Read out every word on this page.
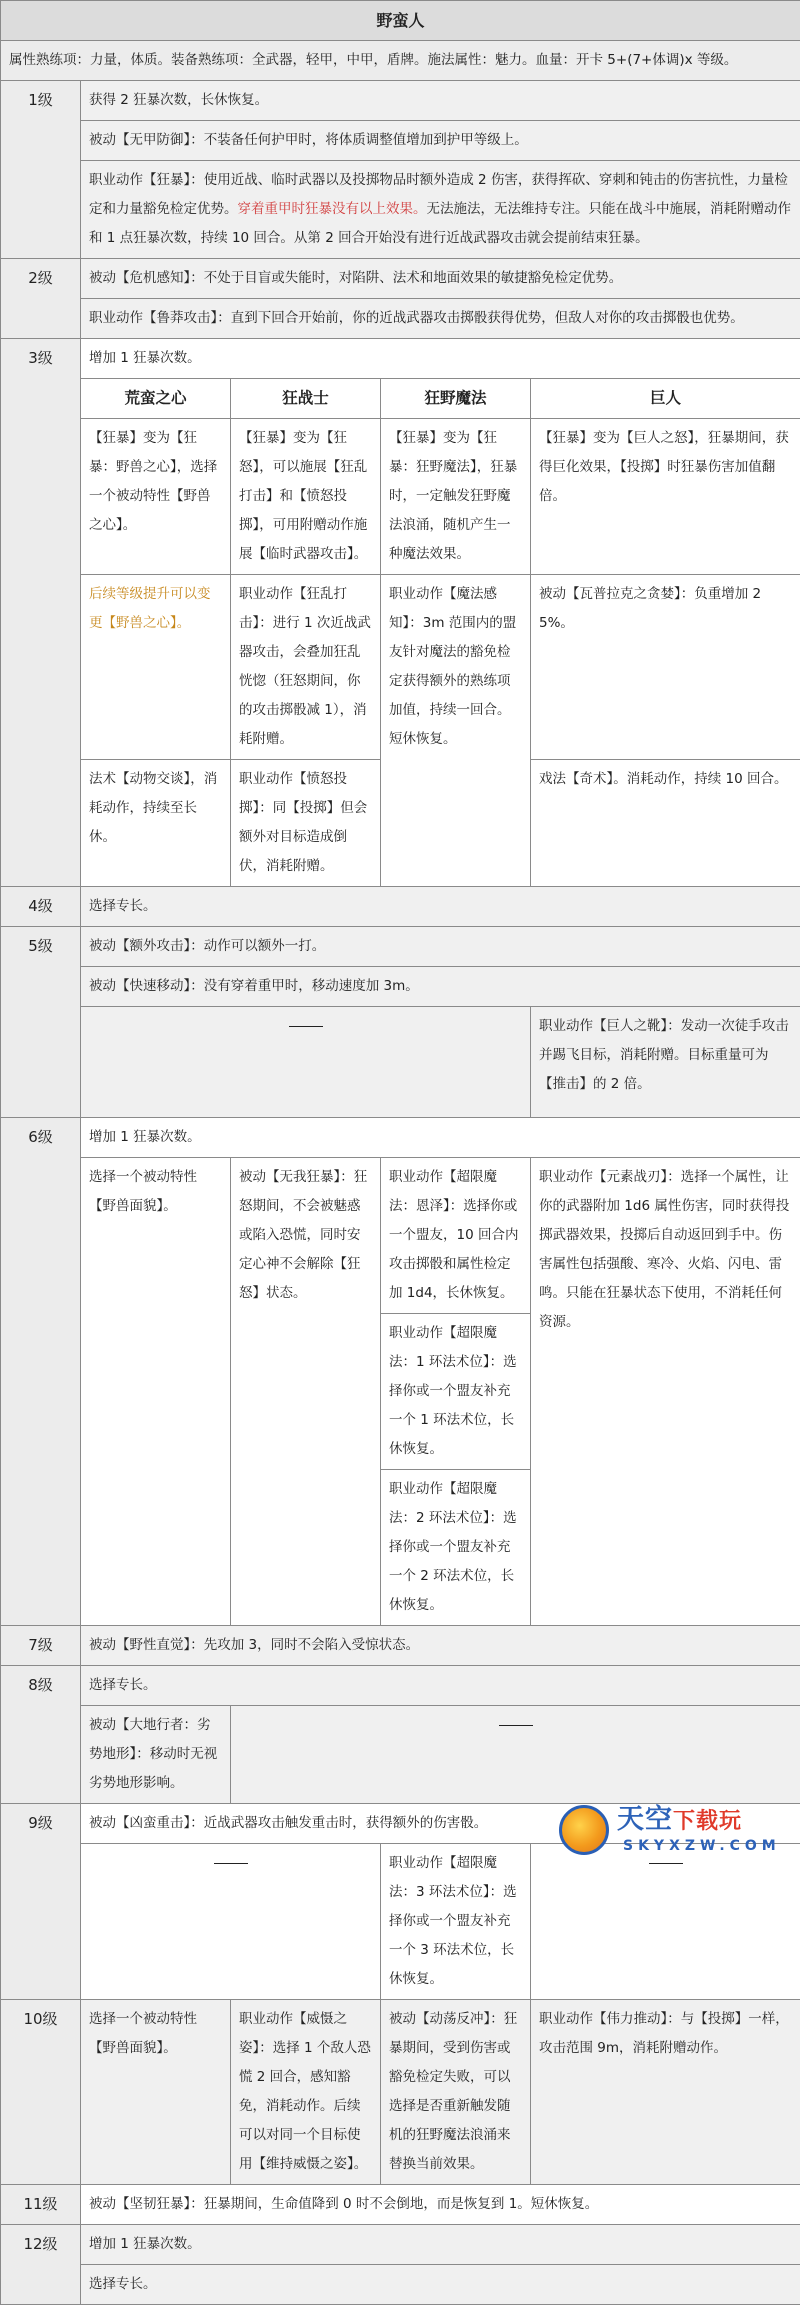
野蛮人				
属性熟练项：力量，体质。装备熟练项：全武器，轻甲，中甲，盾牌。施法属性：魅力。血量：开卡 5+(7+体调)x 等级。				
1级	获得 2 狂暴次数，长休恢复。			
	被动【无甲防御】：不装备任何护甲时，将体质调整值增加到护甲等级上。			
	职业动作【狂暴】：使用近战、临时武器以及投掷物品时额外造成 2 伤害，获得挥砍、穿刺和钝击的伤害抗性，力量检定和力量豁免检定优势。穿着重甲时狂暴没有以上效果。无法施法，无法维持专注。只能在战斗中施展，消耗附赠动作和 1 点狂暴次数，持续 10 回合。从第 2 回合开始没有进行近战武器攻击就会提前结束狂暴。			
2级	被动【危机感知】：不处于目盲或失能时，对陷阱、法术和地面效果的敏捷豁免检定优势。			
	职业动作【鲁莽攻击】：直到下回合开始前，你的近战武器攻击掷骰获得优势，但敌人对你的攻击掷骰也优势。			
3级	增加 1 狂暴次数。			
	荒蛮之心	狂战士	狂野魔法	巨人
	【狂暴】变为【狂暴：野兽之心】，选择一个被动特性【野兽之心】。	【狂暴】变为【狂怒】，可以施展【狂乱打击】和【愤怒投掷】，可用附赠动作施展【临时武器攻击】。	【狂暴】变为【狂暴：狂野魔法】，狂暴时，一定触发狂野魔法浪涌，随机产生一种魔法效果。	【狂暴】变为【巨人之怒】，狂暴期间，获得巨化效果，【投掷】时狂暴伤害加值翻倍。
	后续等级提升可以变更【野兽之心】。	职业动作【狂乱打击】：进行 1 次近战武器攻击，会叠加狂乱恍惚（狂怒期间，你的攻击掷骰减 1），消耗附赠。	职业动作【魔法感知】：3m 范围内的盟友针对魔法的豁免检定获得额外的熟练项加值，持续一回合。短休恢复。	被动【瓦普拉克之贪婪】：负重增加 25%。
	法术【动物交谈】，消耗动作，持续至长休。	职业动作【愤怒投掷】：同【投掷】但会额外对目标造成倒伏，消耗附赠。		戏法【奇术】。消耗动作，持续 10 回合。
4级	选择专长。			
5级	被动【额外攻击】：动作可以额外一打。			
	被动【快速移动】：没有穿着重甲时，移动速度加 3m。			
				职业动作【巨人之靴】：发动一次徒手攻击并踢飞目标，消耗附赠。目标重量可为【推击】的 2 倍。
6级	增加 1 狂暴次数。			
	选择一个被动特性【野兽面貌】。	被动【无我狂暴】：狂怒期间，不会被魅惑或陷入恐慌，同时安定心神不会解除【狂怒】状态。	职业动作【超限魔法：恩泽】：选择你或一个盟友，10 回合内攻击掷骰和属性检定加 1d4，长休恢复。	职业动作【元素战刃】：选择一个属性，让你的武器附加 1d6 属性伤害，同时获得投掷武器效果，投掷后自动返回到手中。伤害属性包括强酸、寒冷、火焰、闪电、雷鸣。只能在狂暴状态下使用，不消耗任何资源。
			职业动作【超限魔法：1 环法术位】：选择你或一个盟友补充一个 1 环法术位，长休恢复。	
			职业动作【超限魔法：2 环法术位】：选择你或一个盟友补充一个 2 环法术位，长休恢复。	
7级	被动【野性直觉】：先攻加 3，同时不会陷入受惊状态。			
8级	选择专长。			
	被动【大地行者：劣势地形】：移动时无视劣势地形影响。			
9级	被动【凶蛮重击】：近战武器攻击触发重击时，获得额外的伤害骰。			
			职业动作【超限魔法：3 环法术位】：选择你或一个盟友补充一个 3 环法术位，长休恢复。	
10级	选择一个被动特性【野兽面貌】。	职业动作【威慑之姿】：选择 1 个敌人恐慌 2 回合，感知豁免，消耗动作。后续可以对同一个目标使用【维持威慑之姿】。	被动【动荡反冲】：狂暴期间，受到伤害或豁免检定失败，可以选择是否重新触发随机的狂野魔法浪涌来替换当前效果。	职业动作【伟力推动】：与【投掷】一样，攻击范围 9m，消耗附赠动作。
11级	被动【坚韧狂暴】：狂暴期间，生命值降到 0 时不会倒地，而是恢复到 1。短休恢复。			
12级	增加 1 狂暴次数。			
	选择专长。			
天空下载玩
SKYXZW.COM
